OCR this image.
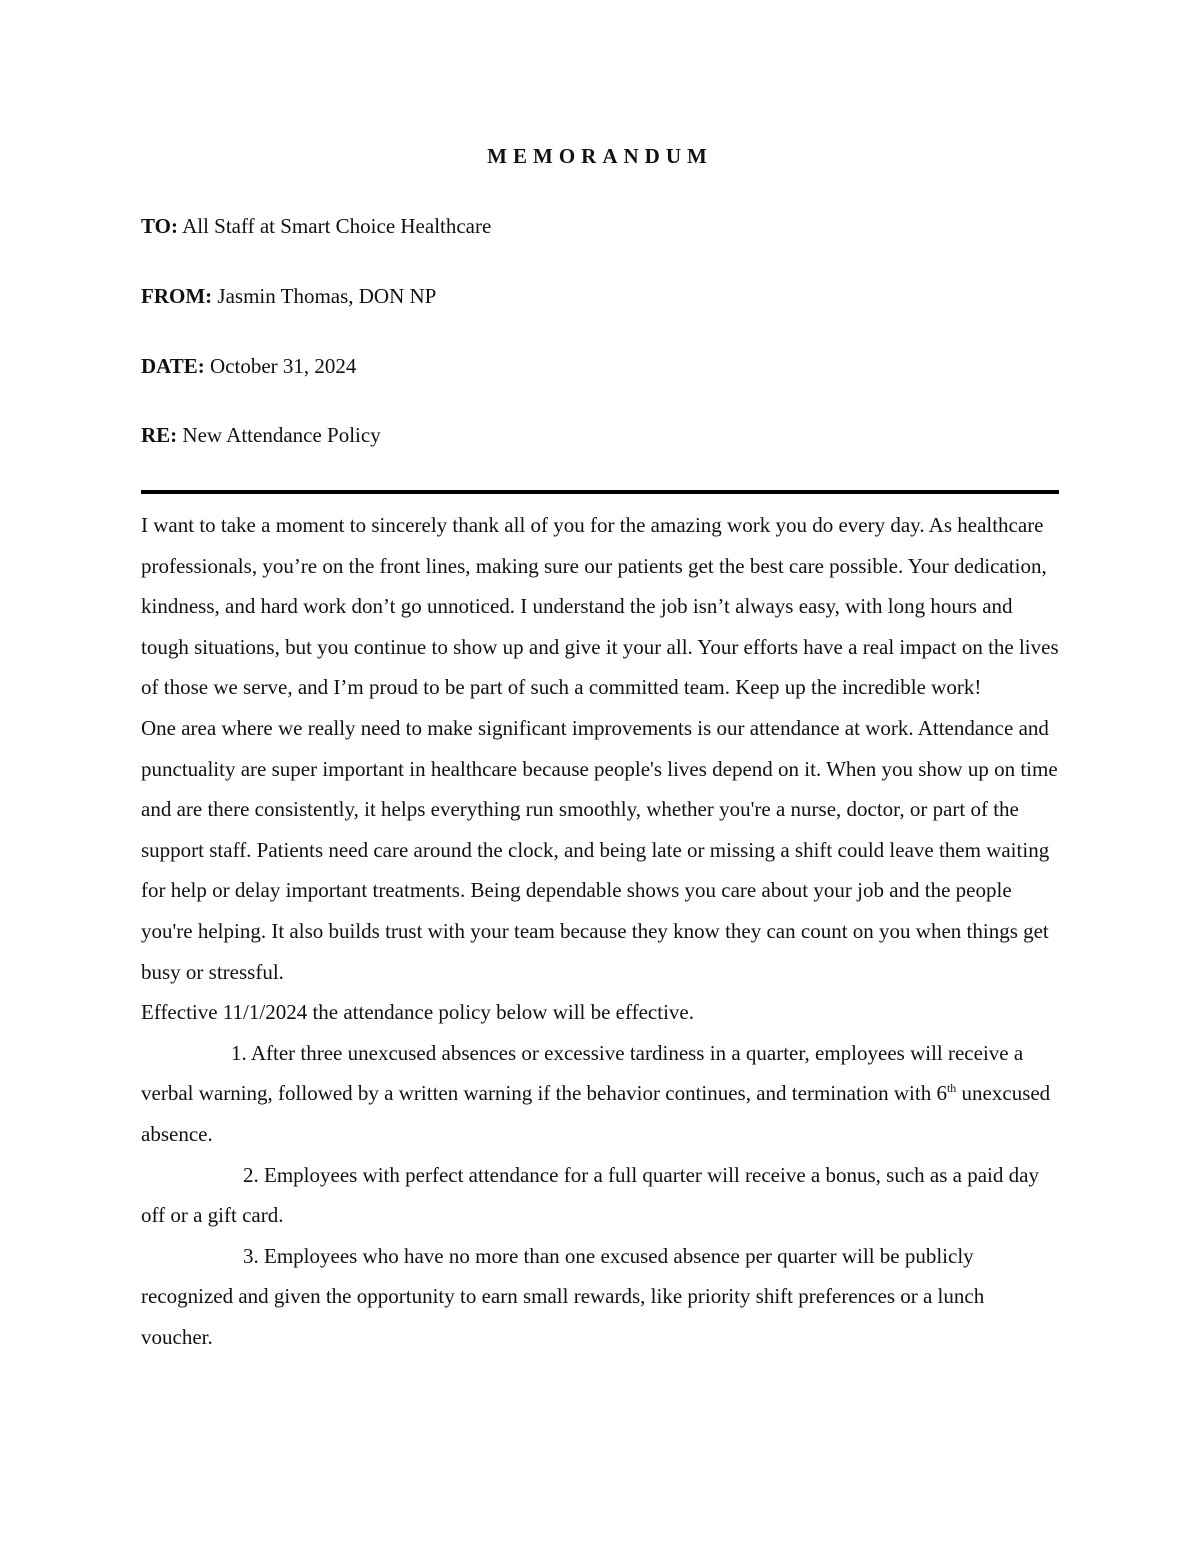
MEMORANDUM
TO: All Staff at Smart Choice Healthcare
FROM: Jasmin Thomas, DON NP
DATE: October 31, 2024
RE: New Attendance Policy

I want to take a moment to sincerely thank all of you for the amazing work you do every day. As healthcare professionals, you’re on the front lines, making sure our patients get the best care possible. Your dedication, kindness, and hard work don’t go unnoticed. I understand the job isn’t always easy, with long hours and tough situations, but you continue to show up and give it your all. Your efforts have a real impact on the lives of those we serve, and I’m proud to be part of such a committed team. Keep up the incredible work!

One area where we really need to make significant improvements is our attendance at work. Attendance and punctuality are super important in healthcare because people's lives depend on it. When you show up on time and are there consistently, it helps everything run smoothly, whether you're a nurse, doctor, or part of the support staff. Patients need care around the clock, and being late or missing a shift could leave them waiting for help or delay important treatments. Being dependable shows you care about your job and the people you're helping. It also builds trust with your team because they know they can count on you when things get busy or stressful.

Effective 11/1/2024 the attendance policy below will be effective.

1. After three unexcused absences or excessive tardiness in a quarter, employees will receive a verbal warning, followed by a written warning if the behavior continues, and termination with 6th unexcused absence.

2. Employees with perfect attendance for a full quarter will receive a bonus, such as a paid day off or a gift card.

3. Employees who have no more than one excused absence per quarter will be publicly recognized and given the opportunity to earn small rewards, like priority shift preferences or a lunch voucher.
